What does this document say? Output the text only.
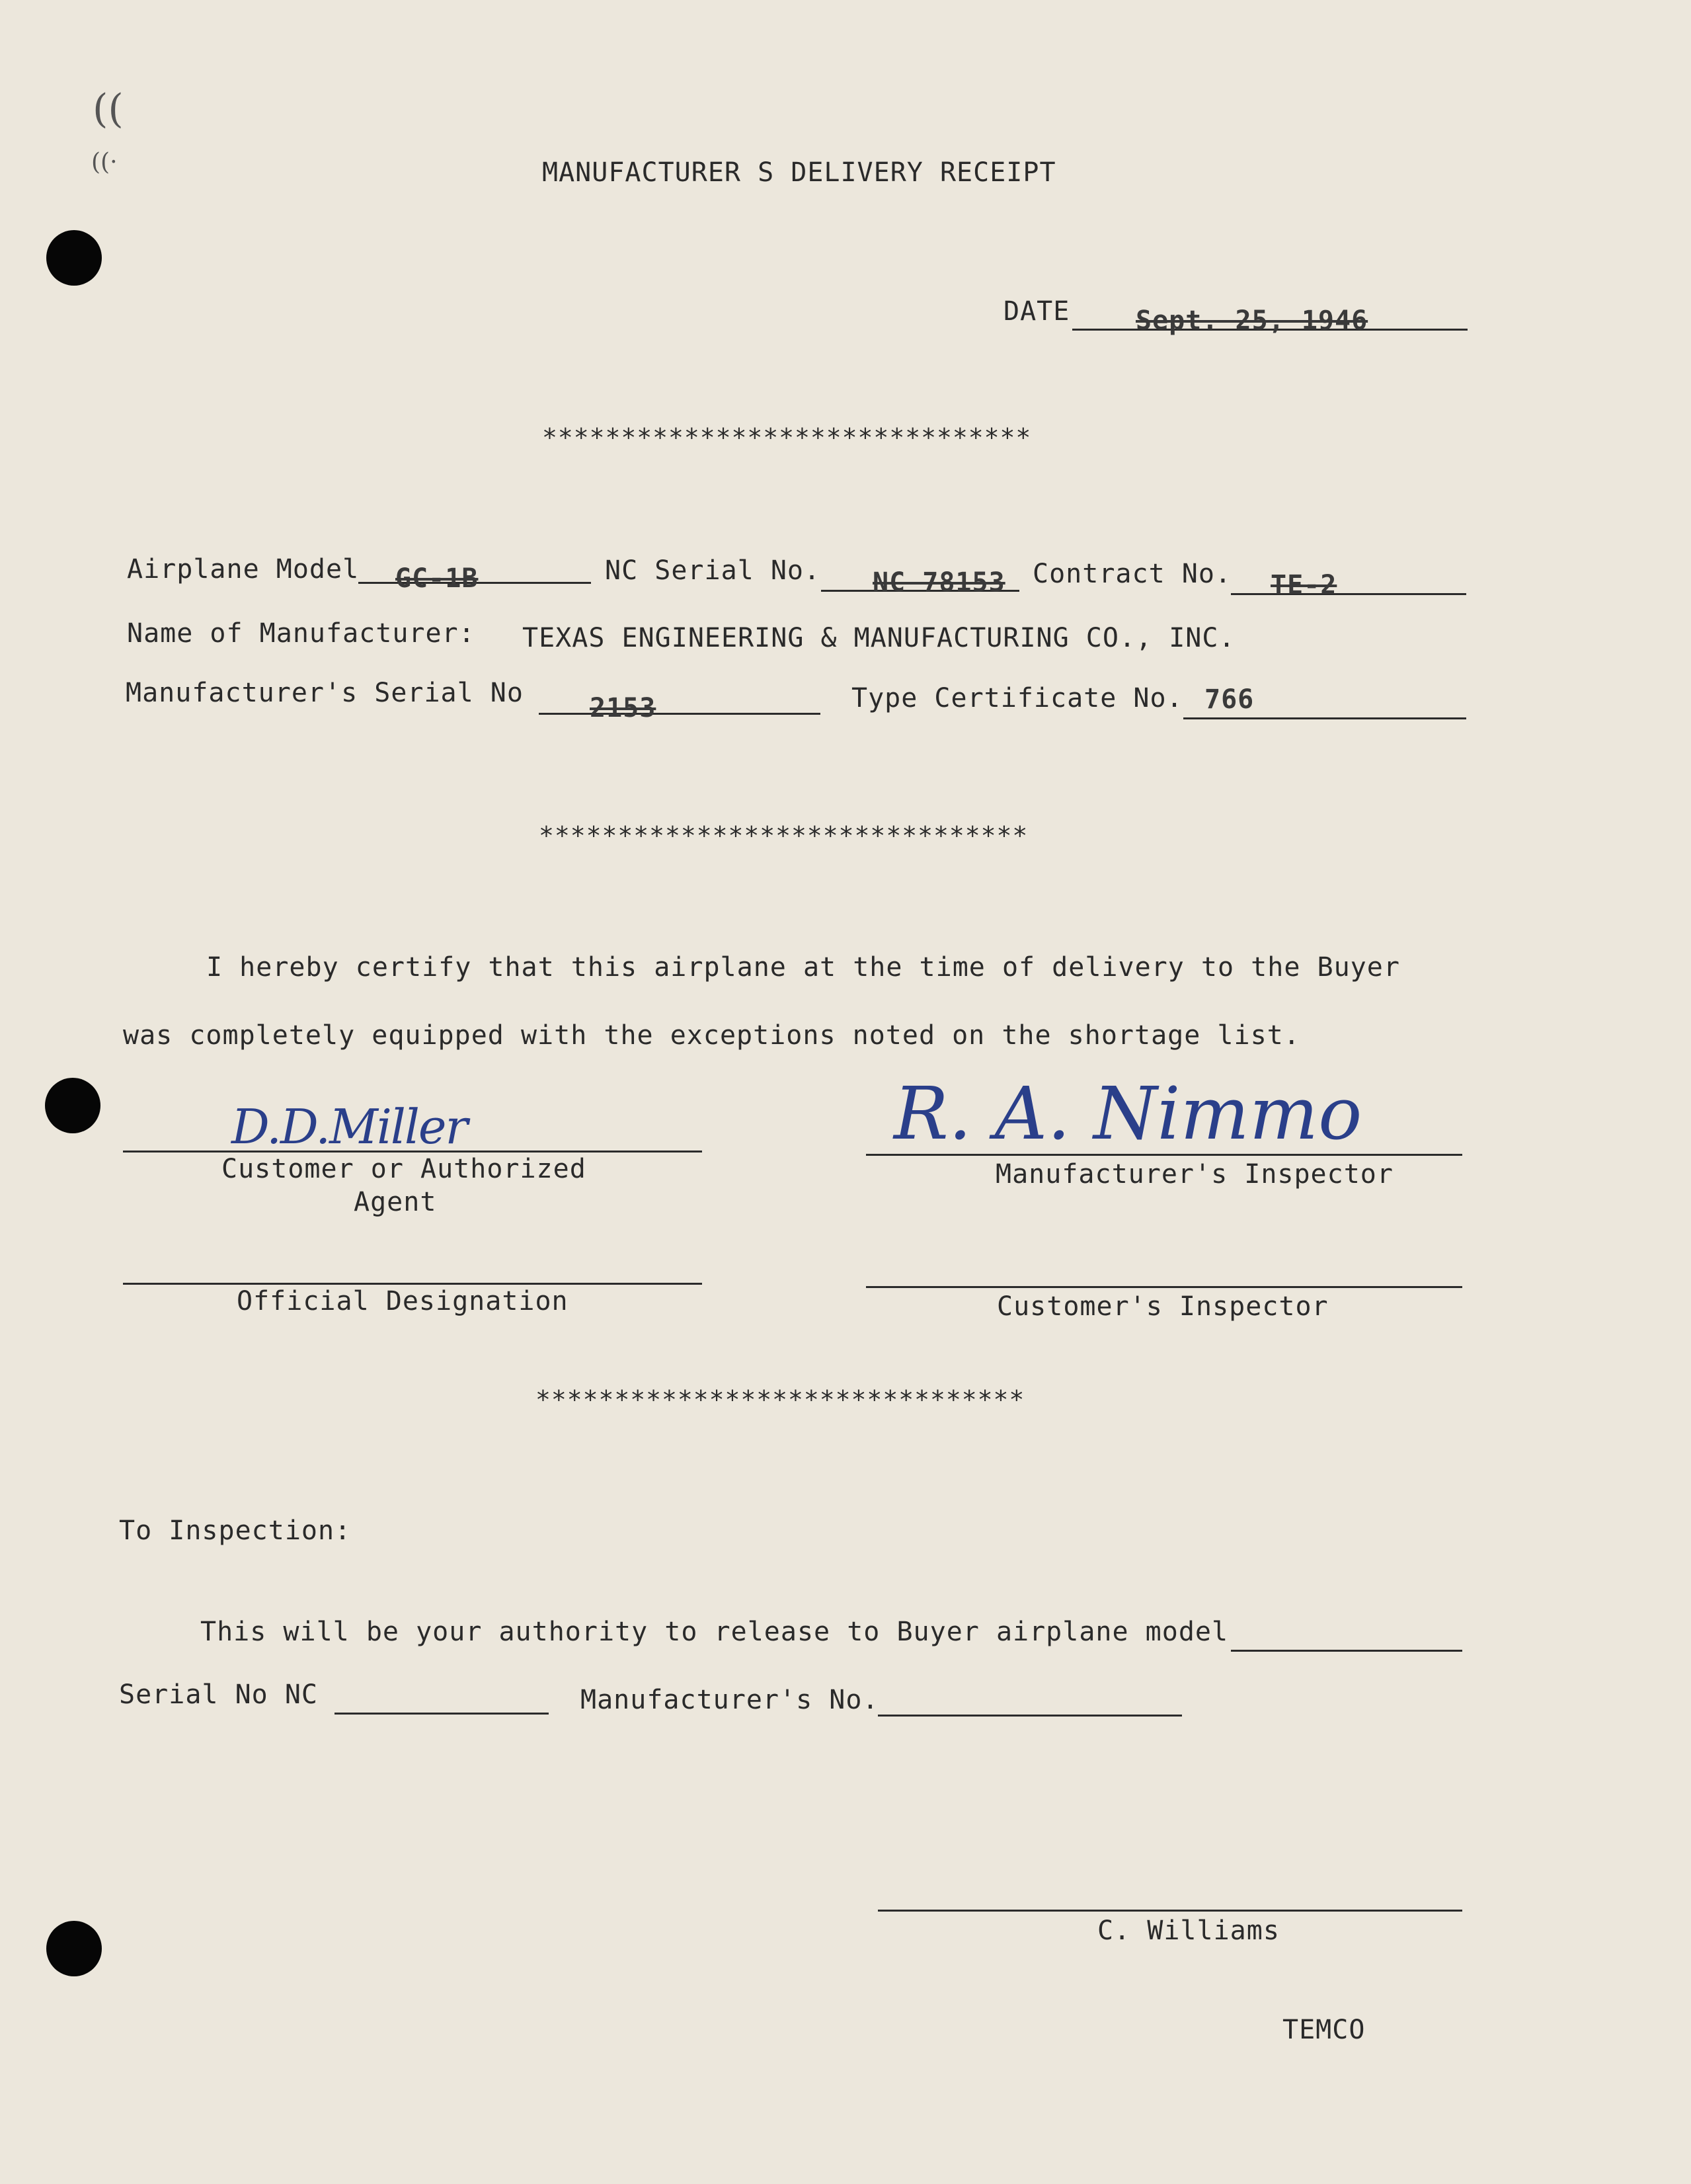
((
((·	MANUFACTURER S DELIVERY RECEIPT
DATE Sept. 25, 1946
*******************************
Airplane Model GC-1B	NC Serial No. NC 78153 Contract No. TE-2
Name of Manufacturer: TEXAS ENGINEERING & MANUFACTURING CO., INC.
Manufacturer's Serial No	2153	Type Certificate No. 766
*******************************
I hereby certify that this airplane at the time of delivery to the Buyer
was completely equipped with the exceptions noted on the shortage list.
D.D.Miller
Customer or Authorized
Agent
R. A. Nimmo
Manufacturer's Inspector
Official Designation	Customer's Inspector
*******************************
To Inspection:
This will be your authority to release to Buyer airplane model
Serial No NC	Manufacturer's No.
C. Williams
TEMCO
